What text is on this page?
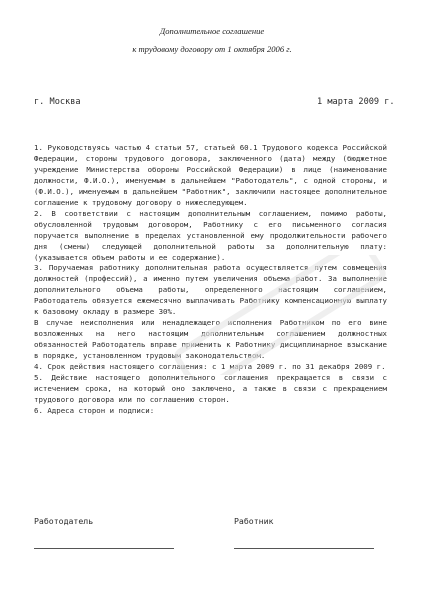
Дополнительное соглашение
к трудовому договору от 1 октября 2006 г.
г. Москва	1 марта 2009 г.

1. Руководствуясь частью 4 статьи 57, статьей 60.1 Трудового кодекса Российской Федерации, стороны трудового договора, заключенного (дата) между (бюджетное учреждение Министерства обороны Российской Федерации) в лице (наименование должности, Ф.И.О.), именуемым в дальнейшем "Работодатель", с одной стороны, и (Ф.И.О.), именуемым в дальнейшем "Работник", заключили настоящее дополнительное соглашение к трудовому договору о нижеследующем.

2. В соответствии с настоящим дополнительным соглашением, помимо работы, обусловленной трудовым договором, Работнику с его письменного согласия поручается выполнение в пределах установленной ему продолжительности рабочего дня (смены) следующей дополнительной работы за дополнительную плату: (указывается объем работы и ее содержание).

3. Поручаемая работнику дополнительная работа осуществляется путем совмещения должностей (профессий), а именно путем увеличения объема работ. За выполнение дополнительного объема работы, определенного настоящим соглашением, Работодатель обязуется ежемесячно выплачивать Работнику компенсационную выплату к базовому окладу в размере 30%.

В случае неисполнения или ненадлежащего исполнения Работником по его вине возложенных на него настоящим дополнительным соглашением должностных обязанностей Работодатель вправе применить к Работнику дисциплинарное взыскание в порядке, установленном трудовым законодательством.

4. Срок действия настоящего соглашения: с 1 марта 2009 г. по 31 декабря 2009 г.

5. Действие настоящего дополнительного соглашения прекращается в связи с истечением срока, на который оно заключено, а также в связи с прекращением трудового договора или по соглашению сторон.

6. Адреса сторон и подписи:

Работодатель	Работник
